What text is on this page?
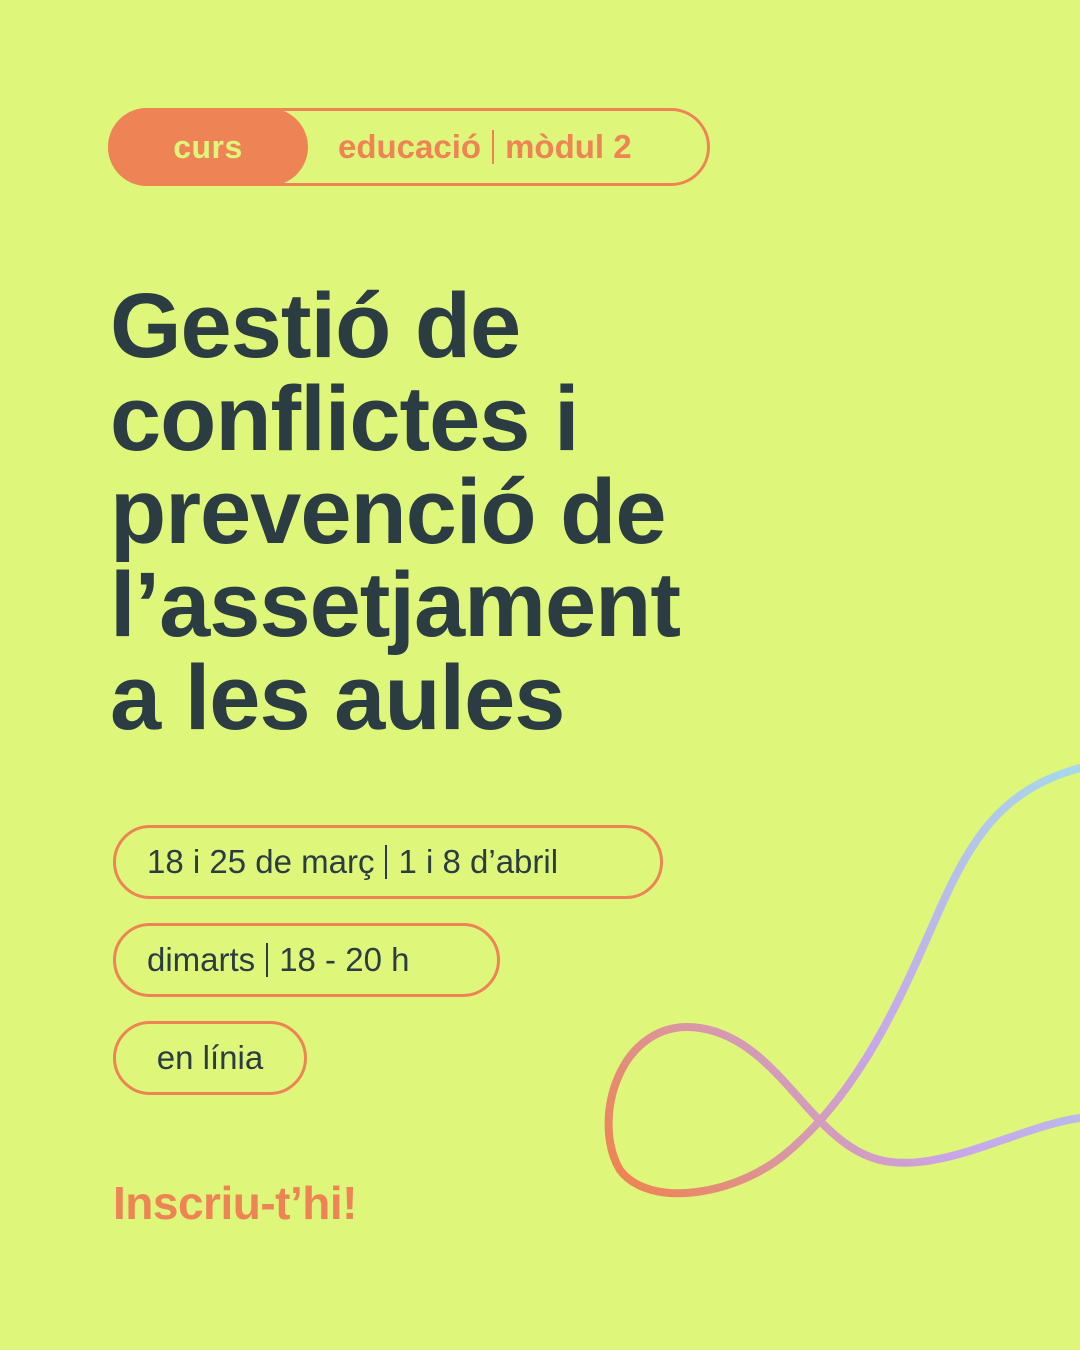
curs	educació mòdul 2
Gestió de
conflictes i
prevenció de
l’assetjament
a les aules
18 i 25 de març 1 i 8 d’abril
dimarts 18 - 20 h
en línia
Inscriu-t’hi!
